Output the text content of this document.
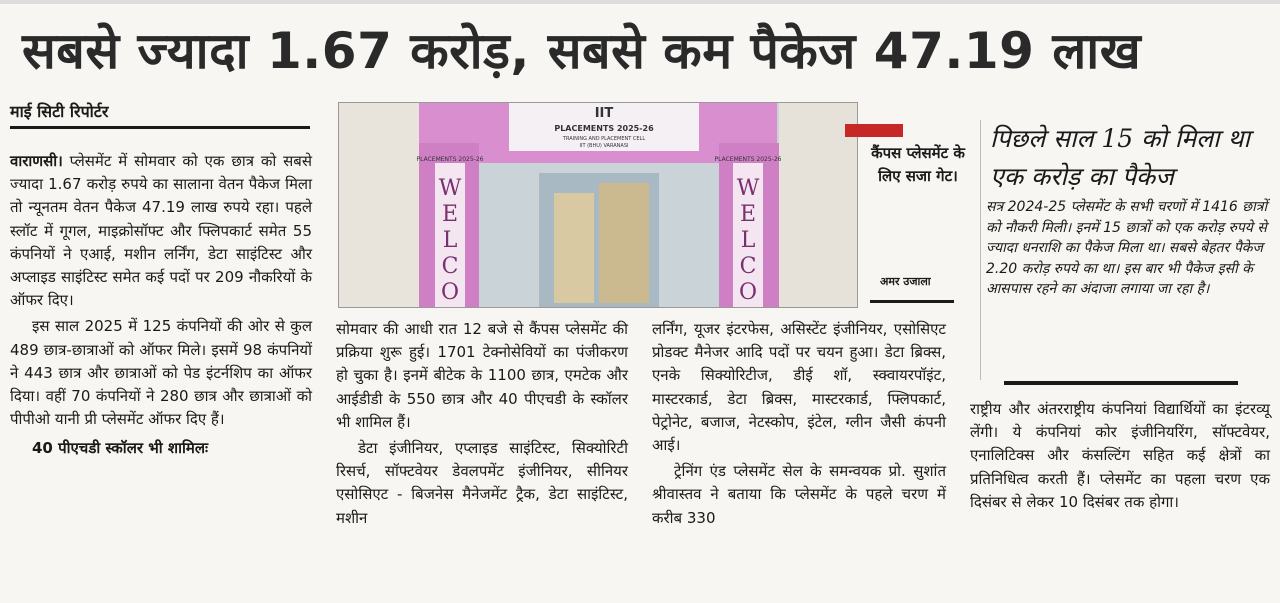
सबसे ज्यादा 1.67 करोड़, सबसे कम पैकेज 47.19 लाख
माई सिटी रिपोर्टर

वाराणसी। प्लेसमेंट में सोमवार को एक छात्र को सबसे ज्यादा 1.67 करोड़ रुपये का सालाना वेतन पैकेज मिला तो न्यूनतम वेतन पैकेज 47.19 लाख रुपये रहा। पहले स्लॉट में गूगल, माइक्रोसॉफ्ट और फ्लिपकार्ट समेत 55 कंपनियों ने एआई, मशीन लर्निंग, डेटा साइंटिस्ट और अप्लाइड साइंटिस्ट समेत कई पदों पर 209 नौकरियों के ऑफर दिए।

इस साल 2025 में 125 कंपनियों की ओर से कुल 489 छात्र-छात्राओं को ऑफर मिले। इसमें 98 कंपनियों ने 443 छात्र और छात्राओं को पेड इंटर्नशिप का ऑफर दिया। वहीं 70 कंपनियों ने 280 छात्र और छात्राओं को पीपीओ यानी प्री प्लेसमेंट ऑफर दिए हैं।

40 पीएचडी स्कॉलर भी शामिलः

IIT
PLACEMENTS 2025-26
TRAINING AND PLACEMENT CELL
IIT (BHU) VARANASI
PLACEMENTS 2025-26	PLACEMENTS 2025-26
W
E
L
C
O
W
E
L
C
O
कैंपस प्लेसमेंट के लिए सजा गेट।
अमर उजाला

सोमवार की आधी रात 12 बजे से कैंपस प्लेसमेंट की प्रक्रिया शुरू हुई। 1701 टेक्नोसेवियों का पंजीकरण हो चुका है। इनमें बीटेक के 1100 छात्र, एमटेक और आईडीडी के 550 छात्र और 40 पीएचडी के स्कॉलर भी शामिल हैं।

डेटा इंजीनियर, एप्लाइड साइंटिस्ट, सिक्योरिटी रिसर्च, सॉफ्टवेयर डेवलपमेंट इंजीनियर, सीनियर एसोसिएट - बिजनेस मैनेजमेंट ट्रैक, डेटा साइंटिस्ट, मशीन

लर्निंग, यूजर इंटरफेस, असिस्टेंट इंजीनियर, एसोसिएट प्रोडक्ट मैनेजर आदि पदों पर चयन हुआ। डेटा ब्रिक्स, एनके सिक्योरिटीज, डीई शॉ, स्क्वायरपॉइंट, मास्टरकार्ड, डेटा ब्रिक्स, मास्टरकार्ड, फ्लिपकार्ट, पेट्रोनेट, बजाज, नेटस्कोप, इंटेल, ग्लीन जैसी कंपनी आई।

ट्रेनिंग एंड प्लेसमेंट सेल के समन्वयक प्रो. सुशांत श्रीवास्तव ने बताया कि प्लेसमेंट के पहले चरण में करीब 330

पिछले साल 15 को मिला था एक करोड़ का पैकेज
सत्र 2024-25 प्लेसमेंट के सभी चरणों में 1416 छात्रों को नौकरी मिली। इनमें 15 छात्रों को एक करोड़ रुपये से ज्यादा धनराशि का पैकेज मिला था। सबसे बेहतर पैकेज 2.20 करोड़ रुपये का था। इस बार भी पैकेज इसी के आसपास रहने का अंदाजा लगाया जा रहा है।

राष्ट्रीय और अंतरराष्ट्रीय कंपनियां विद्यार्थियों का इंटरव्यू लेंगी। ये कंपनियां कोर इंजीनियरिंग, सॉफ्टवेयर, एनालिटिक्स और कंसल्टिंग सहित कई क्षेत्रों का प्रतिनिधित्व करती हैं। प्लेसमेंट का पहला चरण एक दिसंबर से लेकर 10 दिसंबर तक होगा।
